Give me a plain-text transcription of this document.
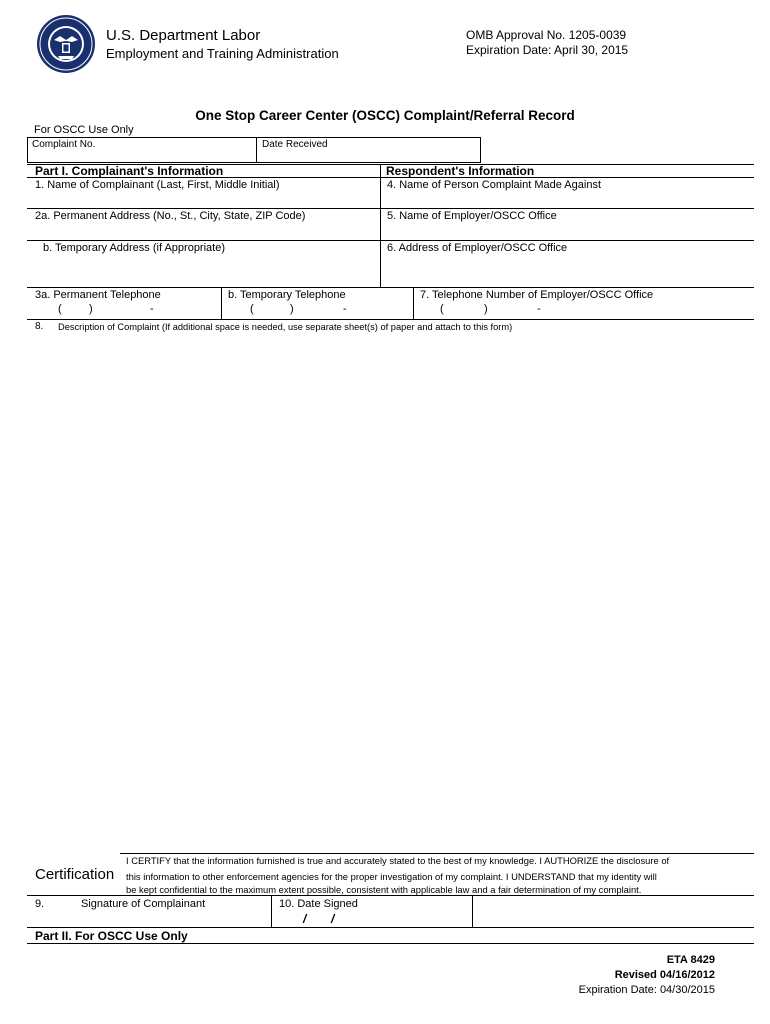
U.S. Department Labor
Employment and Training Administration
OMB Approval No. 1205-0039
Expiration Date: April 30, 2015
One Stop Career Center (OSCC) Complaint/Referral Record
For OSCC Use Only
Complaint No.	Date Received
Part I. Complainant's Information	Respondent's Information
1. Name of Complainant (Last, First, Middle Initial)	4. Name of Person Complaint Made Against
2a. Permanent Address (No., St., City, State, ZIP Code)	5. Name of Employer/OSCC Office
b. Temporary Address (if Appropriate)	6. Address of Employer/OSCC Office
3a. Permanent Telephone	b. Temporary Telephone	7. Telephone Number of Employer/OSCC Office
( )	-	(	)	-	(	)	-
8. Description of Complaint (If additional space is needed, use separate sheet(s) of paper and attach to this form)
Certification
I CERTIFY that the information furnished is true and accurately stated to the best of my knowledge. I AUTHORIZE the disclosure of
this information to other enforcement agencies for the proper investigation of my complaint. I UNDERSTAND that my identity will
be kept confidential to the maximum extent possible, consistent with applicable law and a fair determination of my complaint.
9.	Signature of Complainant	10. Date Signed
/ /
Part II. For OSCC Use Only
ETA 8429
Revised 04/16/2012
Expiration Date: 04/30/2015
